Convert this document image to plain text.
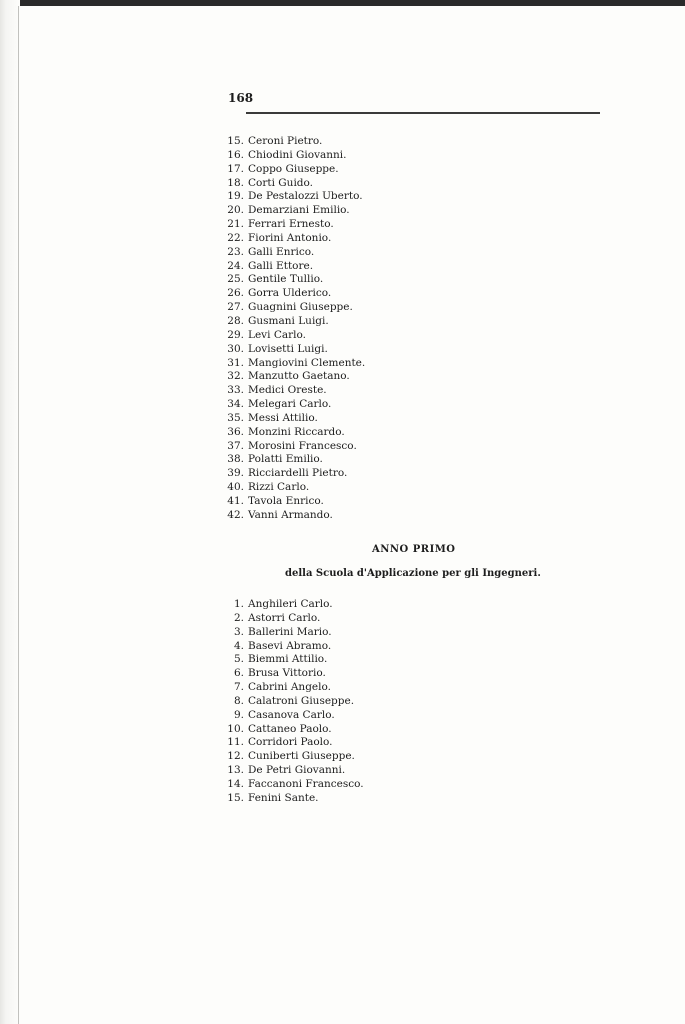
168
15. Ceroni Pietro.
16. Chiodini Giovanni.
17. Coppo Giuseppe.
18. Corti Guido.
19. De Pestalozzi Uberto.
20. Demarziani Emilio.
21. Ferrari Ernesto.
22. Fiorini Antonio.
23. Galli Enrico.
24. Galli Ettore.
25. Gentile Tullio.
26. Gorra Ulderico.
27. Guagnini Giuseppe.
28. Gusmani Luigi.
29. Levi Carlo.
30. Lovisetti Luigi.
31. Mangiovini Clemente.
32. Manzutto Gaetano.
33. Medici Oreste.
34. Melegari Carlo.
35. Messi Attilio.
36. Monzini Riccardo.
37. Morosini Francesco.
38. Polatti Emilio.
39. Ricciardelli Pietro.
40. Rizzi Carlo.
41. Tavola Enrico.
42. Vanni Armando.
ANNO PRIMO
della Scuola d'Applicazione per gli Ingegneri.
1. Anghileri Carlo.
2. Astorri Carlo.
3. Ballerini Mario.
4. Basevi Abramo.
5. Biemmi Attilio.
6. Brusa Vittorio.
7. Cabrini Angelo.
8. Calatroni Giuseppe.
9. Casanova Carlo.
10. Cattaneo Paolo.
11. Corridori Paolo.
12. Cuniberti Giuseppe.
13. De Petri Giovanni.
14. Faccanoni Francesco.
15. Fenini Sante.
